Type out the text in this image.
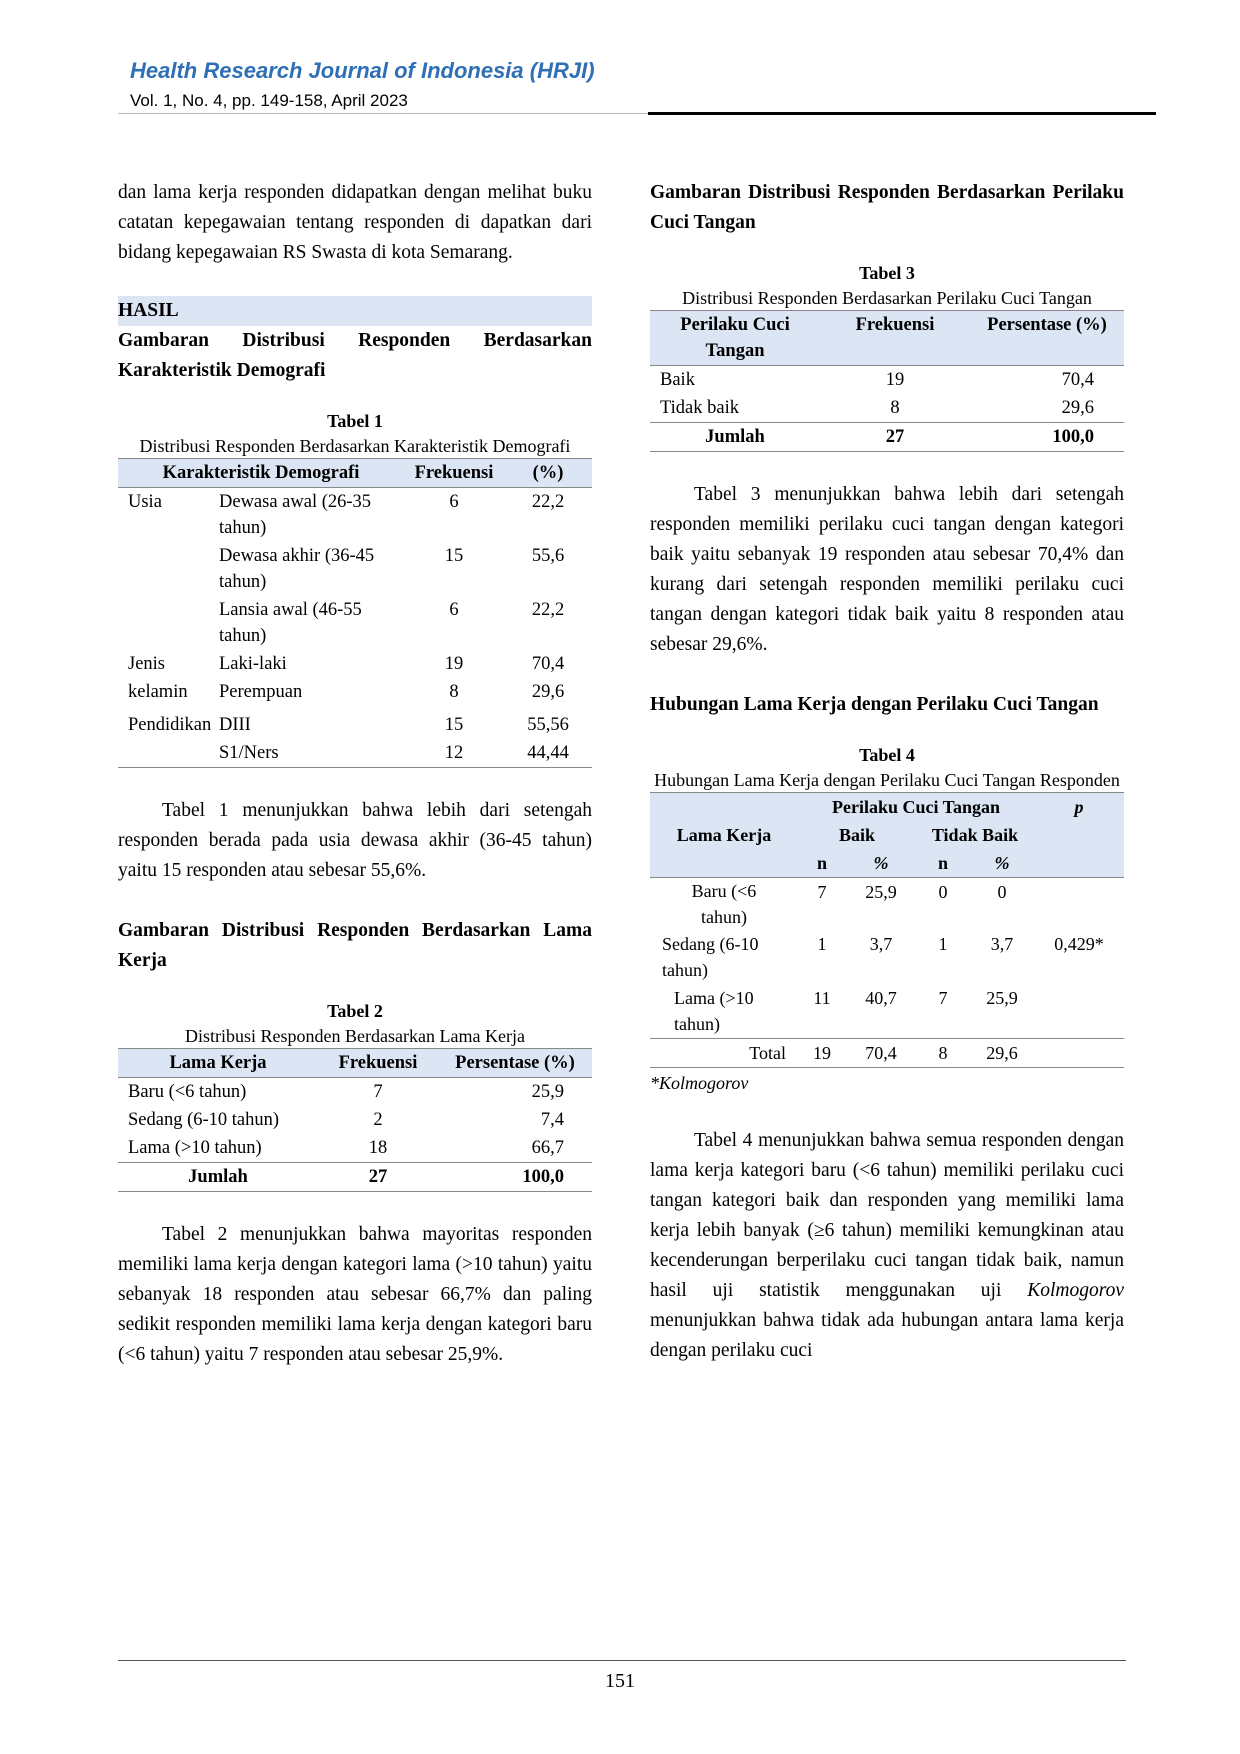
Health Research Journal of Indonesia (HRJI)
Vol. 1, No. 4, pp. 149-158, April 2023

dan lama kerja responden didapatkan dengan melihat buku catatan kepegawaian tentang responden di dapatkan dari bidang kepegawaian RS Swasta di kota Semarang.

HASIL
Gambaran Distribusi Responden Berdasarkan Karakteristik Demografi
Tabel 1
Distribusi Responden Berdasarkan Karakteristik Demografi
Karakteristik Demografi		Frekuensi	(%)
Usia	Dewasa awal (26-35 tahun)	6	22,2
	Dewasa akhir (36-45 tahun)	15	55,6
	Lansia awal (46-55 tahun)	6	22,2
Jenis	Laki-laki	19	70,4
kelamin	Perempuan	8	29,6
Pendidikan	DIII	15	55,56
	S1/Ners	12	44,44

Tabel 1 menunjukkan bahwa lebih dari setengah responden berada pada usia dewasa akhir (36-45 tahun) yaitu 15 responden atau sebesar 55,6%.

Gambaran Distribusi Responden Berdasarkan Lama Kerja
Tabel 2
Distribusi Responden Berdasarkan Lama Kerja
Lama Kerja	Frekuensi	Persentase (%)
Baru (<6 tahun)	7	25,9
Sedang (6-10 tahun)	2	7,4
Lama (>10 tahun)	18	66,7
Jumlah	27	100,0

Tabel 2 menunjukkan bahwa mayoritas responden memiliki lama kerja dengan kategori lama (>10 tahun) yaitu sebanyak 18 responden atau sebesar 66,7% dan paling sedikit responden memiliki lama kerja dengan kategori baru (<6 tahun) yaitu 7 responden atau sebesar 25,9%.

Gambaran Distribusi Responden Berdasarkan Perilaku Cuci Tangan
Tabel 3
Distribusi Responden Berdasarkan Perilaku Cuci Tangan
Perilaku Cuci Tangan	Frekuensi	Persentase (%)
Baik	19	70,4
Tidak baik	8	29,6
Jumlah	27	100,0

Tabel 3 menunjukkan bahwa lebih dari setengah responden memiliki perilaku cuci tangan dengan kategori baik yaitu sebanyak 19 responden atau sebesar 70,4% dan kurang dari setengah responden memiliki perilaku cuci tangan dengan kategori tidak baik yaitu 8 responden atau sebesar 29,6%.

Hubungan Lama Kerja dengan Perilaku Cuci Tangan
Tabel 4
Hubungan Lama Kerja dengan Perilaku Cuci Tangan Responden
Lama Kerja	Perilaku Cuci Tangan				p
	Baik		Tidak Baik		
	n	%	n	%	
Baru (<6 tahun)	7	25,9	0	0	
Sedang (6-10 tahun)	1	3,7	1	3,7	0,429*
Lama (>10 tahun)	11	40,7	7	25,9	
Total	19	70,4	8	29,6	
*Kolmogorov

Tabel 4 menunjukkan bahwa semua responden dengan lama kerja kategori baru (<6 tahun) memiliki perilaku cuci tangan kategori baik dan responden yang memiliki lama kerja lebih banyak (≥6 tahun) memiliki kemungkinan atau kecenderungan berperilaku cuci tangan tidak baik, namun hasil uji statistik menggunakan uji Kolmogorov menunjukkan bahwa tidak ada hubungan antara lama kerja dengan perilaku cuci

151
